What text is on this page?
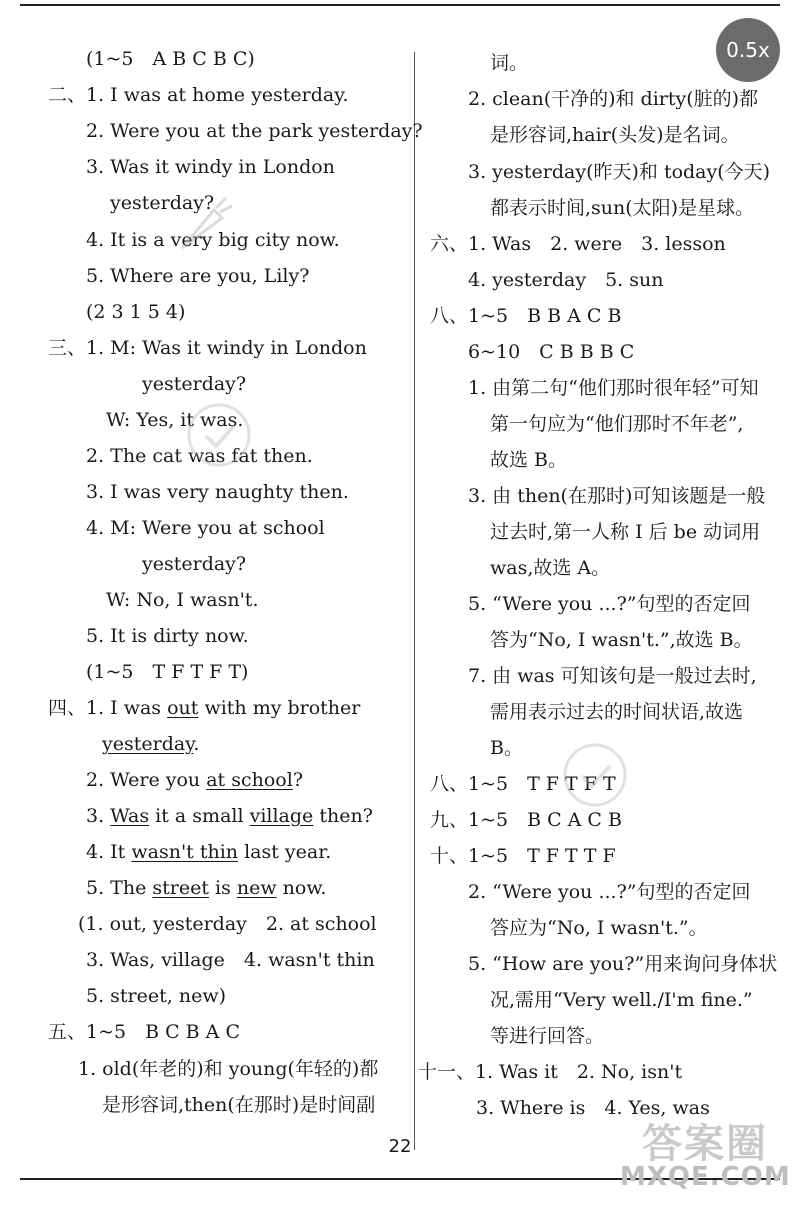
0.5x
(1~5　A B C B C)
二、1. I was at home yesterday.
2. Were you at the park yesterday?
3. Was it windy in London
yesterday?
4. It is a very big city now.
5. Where are you, Lily?
(2 3 1 5 4)
三、1. M: Was it windy in London
yesterday?
W: Yes, it was.
2. The cat was fat then.
3. I was very naughty then.
4. M: Were you at school
yesterday?
W: No, I wasn't.
5. It is dirty now.
(1~5　T F T F T)
四、1. I was out with my brother
yesterday.
2. Were you at school?
3. Was it a small village then?
4. It wasn't thin last year.
5. The street is new now.
(1. out, yesterday　2. at school
3. Was, village　4. wasn't thin
5. street, new)
五、1~5　B C B A C
1. old(年老的)和 young(年轻的)都
是形容词,then(在那时)是时间副
词。
2. clean(干净的)和 dirty(脏的)都
是形容词,hair(头发)是名词。
3. yesterday(昨天)和 today(今天)
都表示时间,sun(太阳)是星球。
六、1. Was　2. were　3. lesson
4. yesterday　5. sun
八、1~5　B B A C B
6~10　C B B B C
1. 由第二句“他们那时很年轻”可知
第一句应为“他们那时不年老”,
故选 B。
3. 由 then(在那时)可知该题是一般
过去时,第一人称 I 后 be 动词用
was,故选 A。
5. “Were you ...?”句型的否定回
答为“No, I wasn't.”,故选 B。
7. 由 was 可知该句是一般过去时,
需用表示过去的时间状语,故选
B。
八、1~5　T F T F T
九、1~5　B C A C B
十、1~5　T F T T F
2. “Were you ...?”句型的否定回
答应为“No, I wasn't.”。
5. “How are you?”用来询问身体状
况,需用“Very well./I'm fine.”
等进行回答。
十一、1. Was it　2. No, isn't
3. Where is　4. Yes, was
22	答案圈
MXQE.COM
